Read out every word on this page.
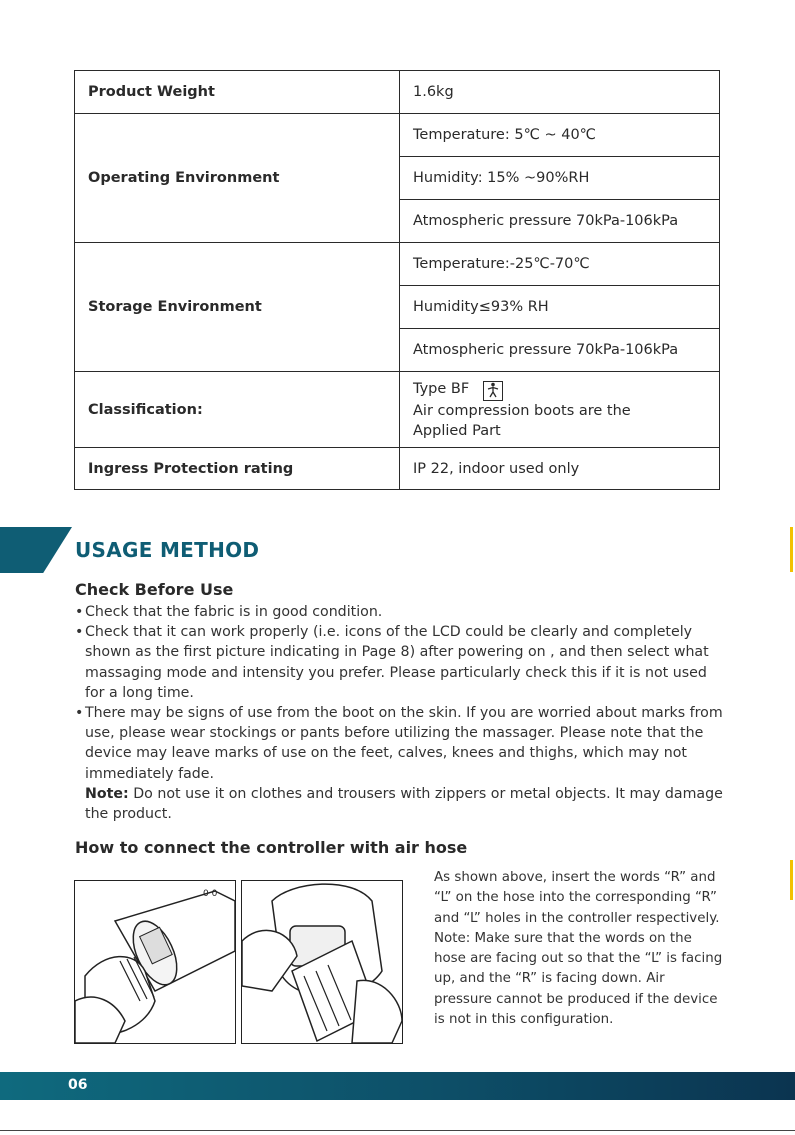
Product Weight	1.6kg
Operating Environment	Temperature: 5℃ ~ 40℃
	Humidity: 15% ~90%RH
	Atmospheric pressure 70kPa-106kPa
Storage Environment	Temperature:-25℃-70℃
	Humidity≤93% RH
	Atmospheric pressure 70kPa-106kPa
Classification:	Type BF
Air compression boots are the
Applied Part
Ingress Protection rating	IP 22, indoor used only
USAGE METHOD
Check Before Use
• Check that the fabric is in good condition.
• Check that it can work properly (i.e. icons of the LCD could be clearly and completely shown as the first picture indicating in Page 8) after powering on , and then select what massaging mode and intensity you prefer. Please particularly check this if it is not used for a long time.
• There may be signs of use from the boot on the skin. If you are worried about marks from use, please wear stockings or pants before utilizing the massager. Please note that the device may leave marks of use on the feet, calves, knees and thighs, which may not immediately fade.
Note: Do not use it on clothes and trousers with zippers or metal objects. It may damage the product.
How to connect the controller with air hose
0 0

As shown above, insert the words “R” and “L” on the hose into the corresponding “R” and “L” holes in the controller respectively.

Note: Make sure that the words on the hose are facing out so that the “L” is facing up, and the “R” is facing down. Air pressure cannot be produced if the device is not in this configuration.

06
